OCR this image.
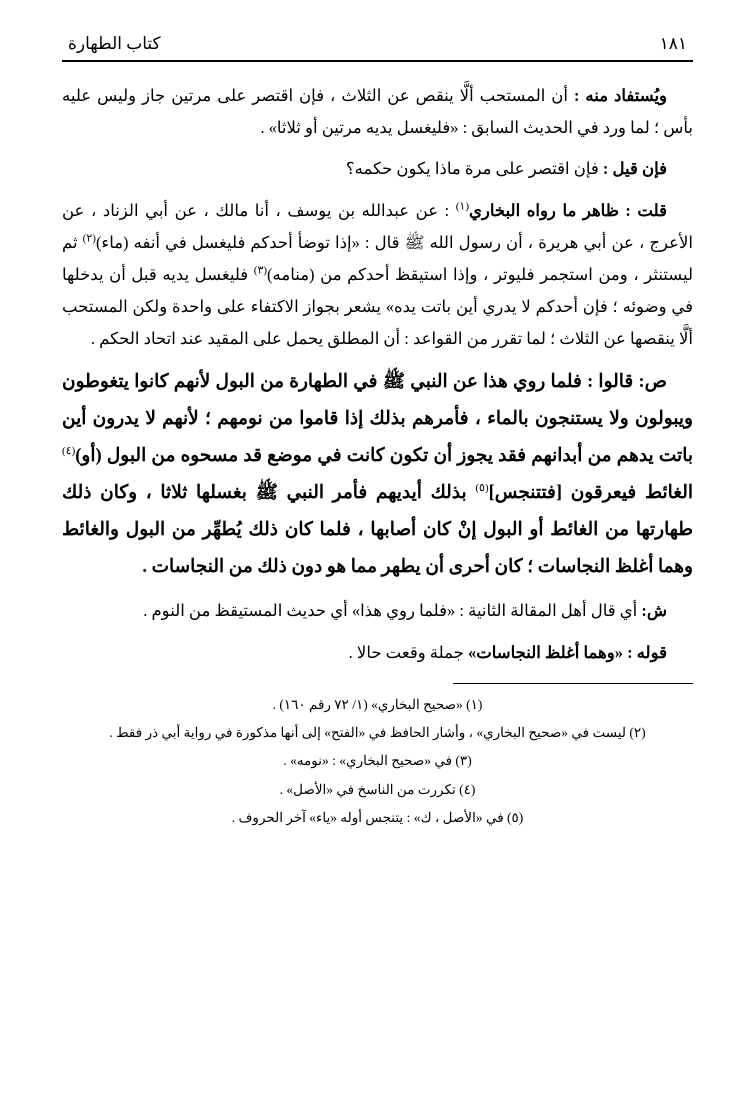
كتاب الطهارة	١٨١

ويُستفاد منه : أن المستحب ألَّا ينقص عن الثلاث ، فإن اقتصر على مرتين جاز وليس عليه بأس ؛ لما ورد في الحديث السابق : «فليغسل يديه مرتين أو ثلاثا» .

فإن قيل : فإن اقتصر على مرة ماذا يكون حكمه؟

قلت : ظاهر ما رواه البخاري$^{(١)}$ : عن عبدالله بن يوسف ، أنا مالك ، عن أبي الزناد ، عن الأعرج ، عن أبي هريرة ، أن رسول الله ﷺ قال : «إذا توضأ أحدكم فليغسل في أنفه (ماء)$^{(٢)}$ ثم ليستنثر ، ومن استجمر فليوتر ، وإذا استيقظ أحدكم من (منامه)$^{(٣)}$ فليغسل يديه قبل أن يدخلها في وضوئه ؛ فإن أحدكم لا يدري أين باتت يده» يشعر بجواز الاكتفاء على واحدة ولكن المستحب ألَّا ينقصها عن الثلاث ؛ لما تقرر من القواعد : أن المطلق يحمل على المقيد عند اتحاد الحكم .

ص: قالوا : فلما روي هذا عن النبي ﷺ في الطهارة من البول لأنهم كانوا يتغوطون ويبولون ولا يستنجون بالماء ، فأمرهم بذلك إذا قاموا من نومهم ؛ لأنهم لا يدرون أين باتت يدهم من أبدانهم فقد يجوز أن تكون كانت في موضع قد مسحوه من البول (أو)$^{(٤)}$ الغائط فيعرقون [فتتنجس]$^{(٥)}$ بذلك أيديهم فأمر النبي ﷺ بغسلها ثلاثا ، وكان ذلك طهارتها من الغائط أو البول إنْ كان أصابها ، فلما كان ذلك يُطهِّر من البول والغائط وهما أغلظ النجاسات ؛ كان أحرى أن يطهر مما هو دون ذلك من النجاسات .

ش: أي قال أهل المقالة الثانية : «فلما روي هذا» أي حديث المستيقظ من النوم .

قوله : «وهما أغلظ النجاسات» جملة وقعت حالا .

(١) «صحيح البخاري» (١/ ٧٢ رقم ١٦٠) .

(٢) ليست في «صحيح البخاري» ، وأشار الحافظ في «الفتح» إلى أنها مذكورة في رواية أبي ذر فقط .

(٣) في «صحيح البخاري» : «نومه» .

(٤) تكررت من الناسخ في «الأصل» .

(٥) في «الأصل ، ك» : يتنجس أوله «ياء» آخر الحروف .
